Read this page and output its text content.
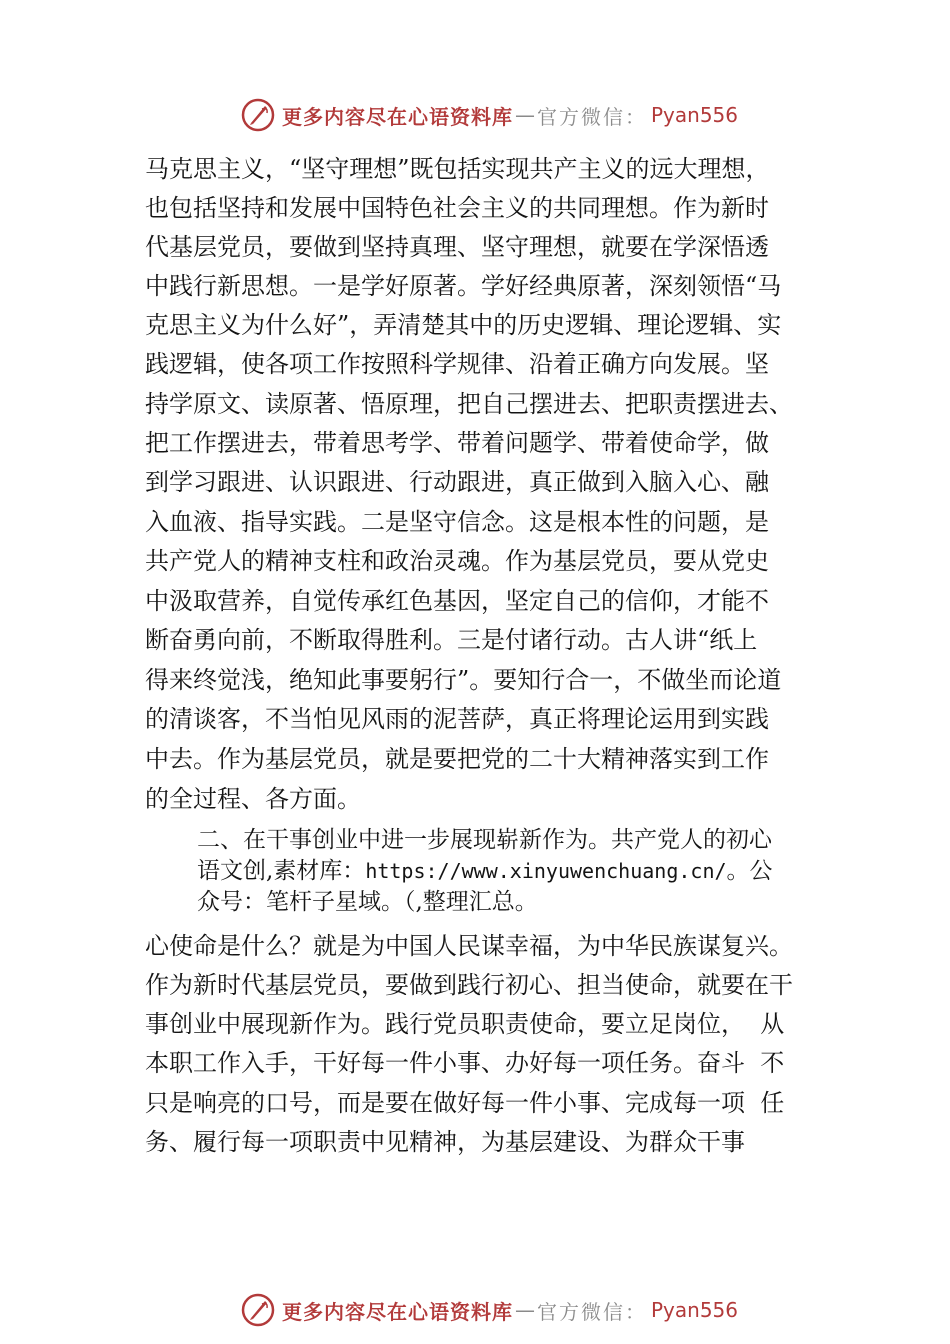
更多内容尽在心语资料库 — 官方微信： Pyan556
马克思主义，“坚守理想”既包括实现共产主义的远大理想，
也包括坚持和发展中国特色社会主义的共同理想。作为新时
代基层党员，要做到坚持真理、坚守理想，就要在学深悟透
中践行新思想。一是学好原著。学好经典原著，深刻领悟“马
克思主义为什么好”，弄清楚其中的历史逻辑、理论逻辑、实
践逻辑，使各项工作按照科学规律、沿着正确方向发展。坚
持学原文、读原著、悟原理，把自己摆进去、把职责摆进去、
把工作摆进去，带着思考学、带着问题学、带着使命学，做
到学习跟进、认识跟进、行动跟进，真正做到入脑入心、融
入血液、指导实践。二是坚守信念。这是根本性的问题，是
共产党人的精神支柱和政治灵魂。作为基层党员，要从党史
中汲取营养，自觉传承红色基因，坚定自己的信仰，才能不
断奋勇向前，不断取得胜利。三是付诸行动。古人讲“纸上
得来终觉浅，绝知此事要躬行”。要知行合一，不做坐而论道
的清谈客，不当怕见风雨的泥菩萨，真正将理论运用到实践
中去。作为基层党员，就是要把党的二十大精神落实到工作
的全过程、各方面。
二、在干事创业中进一步展现崭新作为。共产党人的初心
语文创,素材库：https://www.xinyuwenchuang.cn/。公
众号：笔杆子星域。（,整理汇总。
心使命是什么？就是为中国人民谋幸福，为中华民族谋复兴。
作为新时代基层党员，要做到践行初心、担当使命，就要在干
事创业中展现新作为。践行党员职责使命，要立足岗位，  从
本职工作入手，干好每一件小事、办好每一项任务。奋斗  不
只是响亮的口号，而是要在做好每一件小事、完成每一项  任
务、履行每一项职责中见精神，为基层建设、为群众干事
更多内容尽在心语资料库 — 官方微信： Pyan556
